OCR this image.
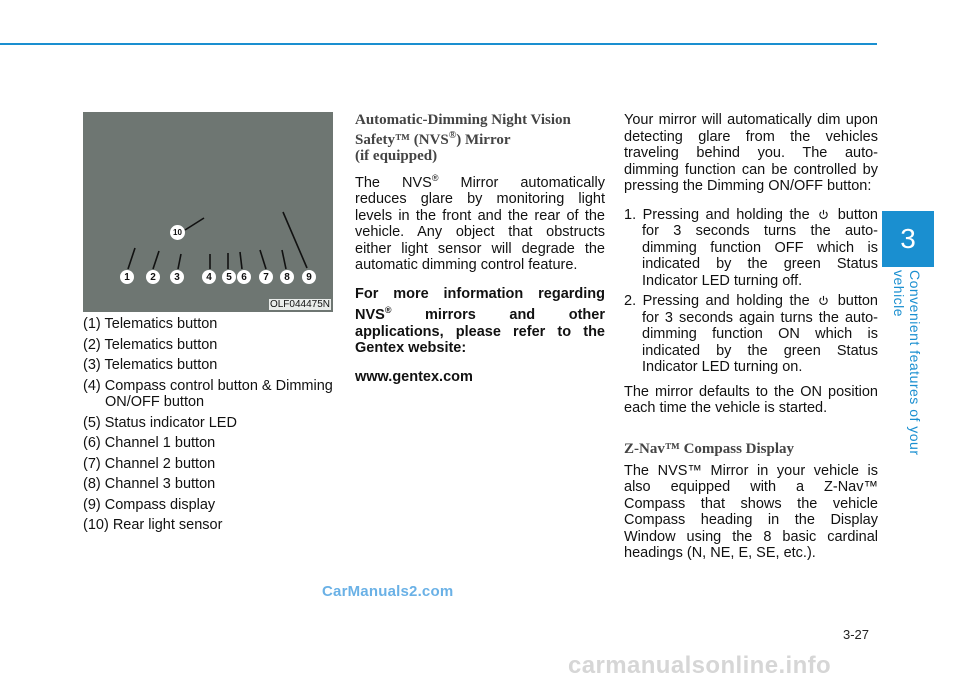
1	2	3	4	5 6	7	8	9
10
OLF044475N
(1) Telematics button
(2) Telematics button
(3) Telematics button
(4) Compass control button & Dimming ON/OFF button
(5) Status indicator LED
(6) Channel 1 button
(7) Channel 2 button
(8) Channel 3 button
(9) Compass display
(10) Rear light sensor
Automatic-Dimming Night Vision Safety™ (NVS®) Mirror
(if equipped)
The NVS® Mirror automatically reduces glare by monitoring light levels in the front and the rear of the vehicle. Any object that obstructs either light sensor will degrade the automatic dimming control feature.
For more information regarding NVS® mirrors and other applications, please refer to the Gentex website:
www.gentex.com
Your mirror will automatically dim upon detecting glare from the vehicles traveling behind you. The auto-dimming function can be controlled by pressing the Dimming ON/OFF button:
1. Pressing and holding the button for 3 seconds turns the auto-dimming function OFF which is indicated by the green Status Indicator LED turning off.
2. Pressing and holding the button for 3 seconds again turns the auto-dimming function ON which is indicated by the green Status Indicator LED turning on.
The mirror defaults to the ON position each time the vehicle is started.
Z-Nav™ Compass Display
The NVS™ Mirror in your vehicle is also equipped with a Z-Nav™ Compass that shows the vehicle Compass heading in the Display Window using the 8 basic cardinal headings (N, NE, E, SE, etc.).
3
Convenient features of your vehicle
3-27
CarManuals2.com
carmanualsonline.info
